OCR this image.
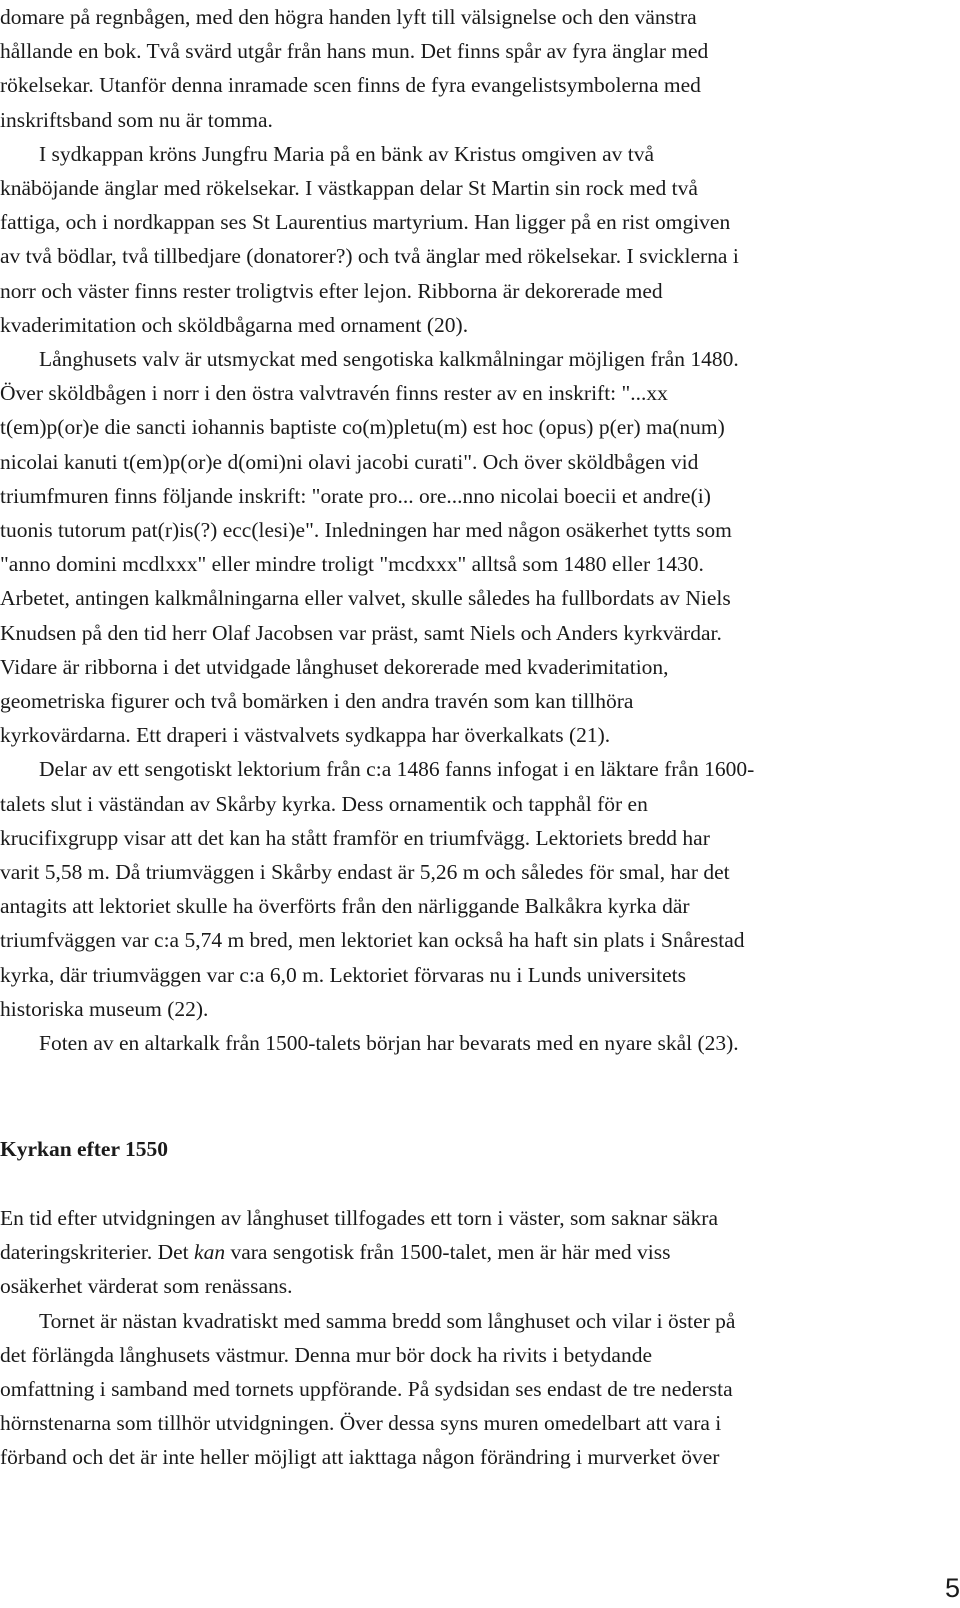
domare på regnbågen, med den högra handen lyft till välsignelse och den vänstra
hållande en bok. Två svärd utgår från hans mun. Det finns spår av fyra änglar med
rökelsekar. Utanför denna inramade scen finns de fyra evangelistsymbolerna med
inskriftsband som nu är tomma.
I sydkappan kröns Jungfru Maria på en bänk av Kristus omgiven av två
knäböjande änglar med rökelsekar. I västkappan delar St Martin sin rock med två
fattiga, och i nordkappan ses St Laurentius martyrium. Han ligger på en rist omgiven
av två bödlar, två tillbedjare (donatorer?) och två änglar med rökelsekar. I svicklerna i
norr och väster finns rester troligtvis efter lejon. Ribborna är dekorerade med
kvaderimitation och sköldbågarna med ornament (20).
Långhusets valv är utsmyckat med sengotiska kalkmålningar möjligen från 1480.
Över sköldbågen i norr i den östra valvtravén finns rester av en inskrift: "...xx
t(em)p(or)e die sancti iohannis baptiste co(m)pletu(m) est hoc (opus) p(er) ma(num)
nicolai kanuti t(em)p(or)e d(omi)ni olavi jacobi curati". Och över sköldbågen vid
triumfmuren finns följande inskrift: "orate pro... ore...nno nicolai boecii et andre(i)
tuonis tutorum pat(r)is(?) ecc(lesi)e". Inledningen har med någon osäkerhet tytts som
"anno domini mcdlxxx" eller mindre troligt "mcdxxx" alltså som 1480 eller 1430.
Arbetet, antingen kalkmålningarna eller valvet, skulle således ha fullbordats av Niels
Knudsen på den tid herr Olaf Jacobsen var präst, samt Niels och Anders kyrkvärdar.
Vidare är ribborna i det utvidgade långhuset dekorerade med kvaderimitation,
geometriska figurer och två bomärken i den andra travén som kan tillhöra
kyrkovärdarna. Ett draperi i västvalvets sydkappa har överkalkats (21).
Delar av ett sengotiskt lektorium från c:a 1486 fanns infogat i en läktare från 1600-
talets slut i väständan av Skårby kyrka. Dess ornamentik och tapphål för en
krucifixgrupp visar att det kan ha stått framför en triumfvägg. Lektoriets bredd har
varit 5,58 m. Då triumväggen i Skårby endast är 5,26 m och således för smal, har det
antagits att lektoriet skulle ha överförts från den närliggande Balkåkra kyrka där
triumfväggen var c:a 5,74 m bred, men lektoriet kan också ha haft sin plats i Snårestad
kyrka, där triumväggen var c:a 6,0 m. Lektoriet förvaras nu i Lunds universitets
historiska museum (22).
Foten av en altarkalk från 1500-talets början har bevarats med en nyare skål (23).
Kyrkan efter 1550
En tid efter utvidgningen av långhuset tillfogades ett torn i väster, som saknar säkra
dateringskriterier. Det kan vara sengotisk från 1500-talet, men är här med viss
osäkerhet värderat som renässans.
Tornet är nästan kvadratiskt med samma bredd som långhuset och vilar i öster på
det förlängda långhusets västmur. Denna mur bör dock ha rivits i betydande
omfattning i samband med tornets uppförande. På sydsidan ses endast de tre nedersta
hörnstenarna som tillhör utvidgningen. Över dessa syns muren omedelbart att vara i
förband och det är inte heller möjligt att iakttaga någon förändring i murverket över
5
